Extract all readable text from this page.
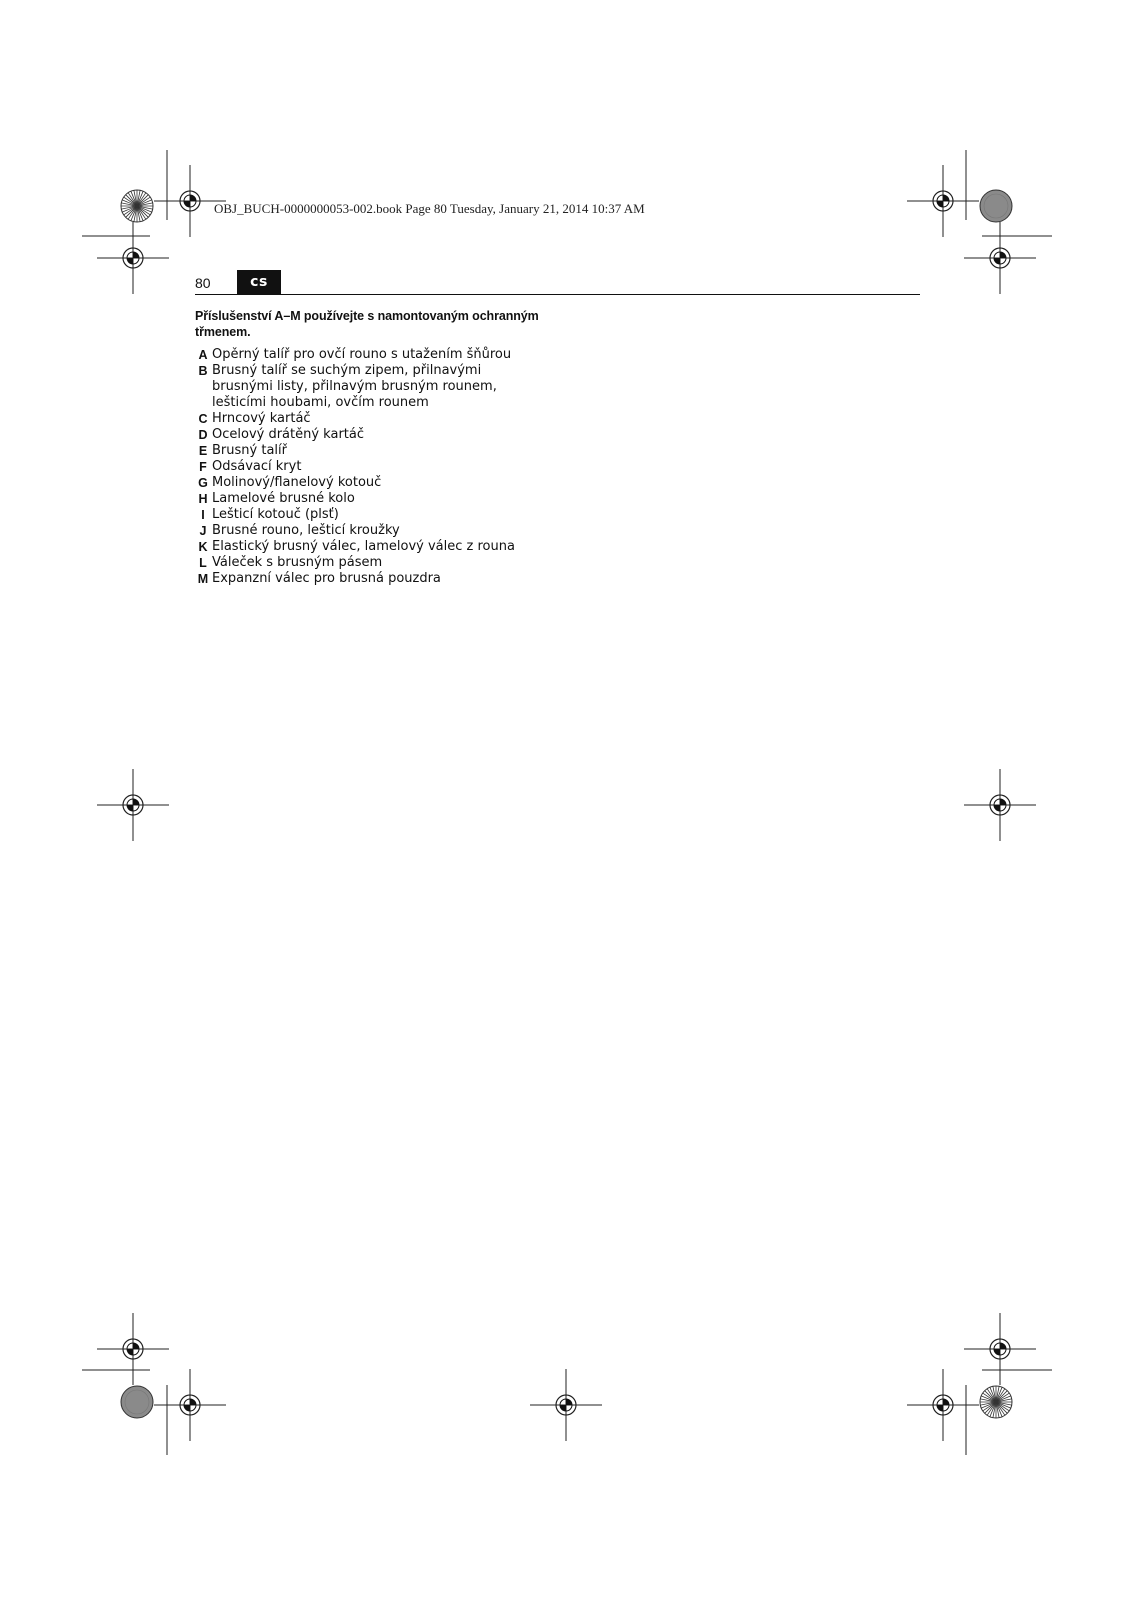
OBJ_BUCH-0000000053-002.book Page 80 Tuesday, January 21, 2014 10:37 AM
80	cs
Příslušenství A–M používejte s namontovaným ochranným třmenem.
A Opěrný talíř pro ovčí rouno s utažením šňůrou
B Brusný talíř se suchým zipem, přilnavými brusnými listy, přilnavým brusným rounem, lešticími houbami, ovčím rounem
C Hrncový kartáč
D Ocelový drátěný kartáč
E Brusný talíř
F Odsávací kryt
G Molinový/flanelový kotouč
H Lamelové brusné kolo
I Lešticí kotouč (plsť)
J Brusné rouno, lešticí kroužky
K Elastický brusný válec, lamelový válec z rouna
L Váleček s brusným pásem
M Expanzní válec pro brusná pouzdra
